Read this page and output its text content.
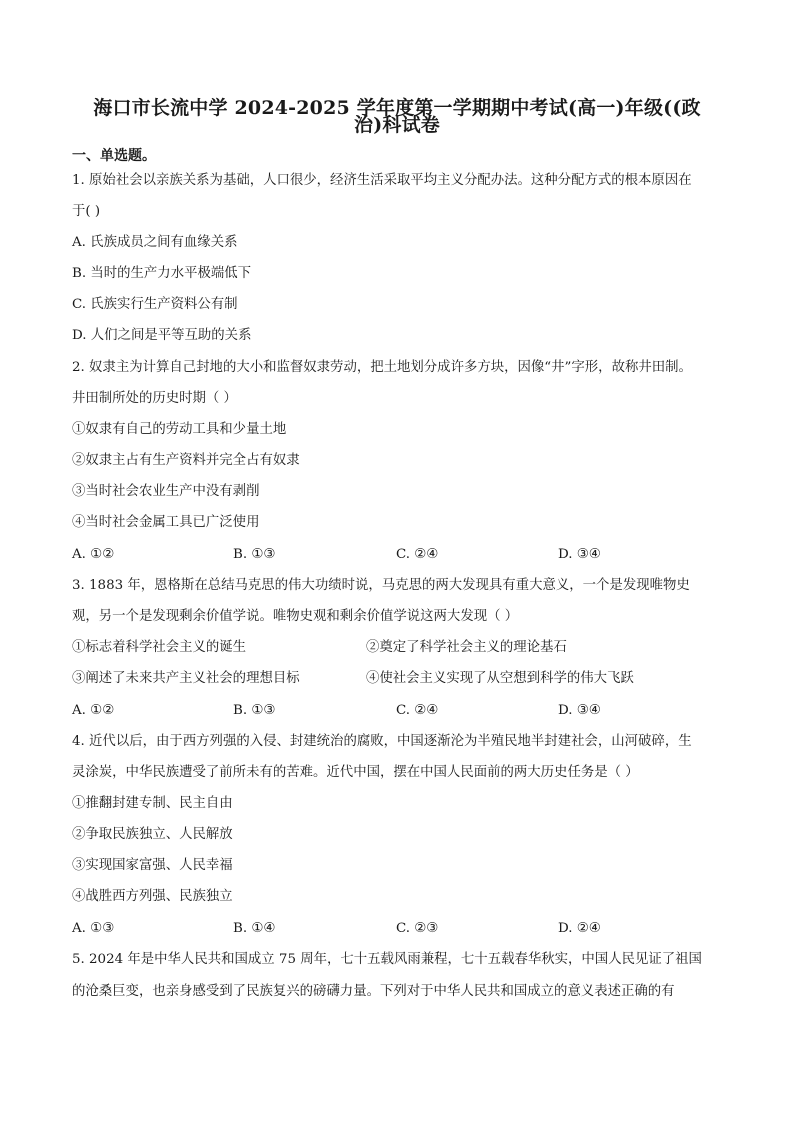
海口市长流中学 2024-2025 学年度第一学期期中考试(高一)年级((政
治)科试卷
一、单选题。
1. 原始社会以亲族关系为基础，人口很少，经济生活采取平均主义分配办法。这种分配方式的根本原因在
于( )
A. 氏族成员之间有血缘关系
B. 当时的生产力水平极端低下
C. 氏族实行生产资料公有制
D. 人们之间是平等互助的关系
2. 奴隶主为计算自己封地的大小和监督奴隶劳动，把土地划分成许多方块，因像“井”字形，故称井田制。
井田制所处的历史时期（ ）
①奴隶有自己的劳动工具和少量土地
②奴隶主占有生产资料并完全占有奴隶
③当时社会农业生产中没有剥削
④当时社会金属工具已广泛使用
A. ①②	B. ①③	C. ②④	D. ③④
3. 1883 年，恩格斯在总结马克思的伟大功绩时说，马克思的两大发现具有重大意义，一个是发现唯物史
观，另一个是发现剩余价值学说。唯物史观和剩余价值学说这两大发现（ ）
①标志着科学社会主义的诞生	②奠定了科学社会主义的理论基石
③阐述了未来共产主义社会的理想目标	④使社会主义实现了从空想到科学的伟大飞跃
A. ①②	B. ①③	C. ②④	D. ③④
4. 近代以后，由于西方列强的入侵、封建统治的腐败，中国逐渐沦为半殖民地半封建社会，山河破碎，生
灵涂炭，中华民族遭受了前所未有的苦难。近代中国，摆在中国人民面前的两大历史任务是（ ）
①推翻封建专制、民主自由
②争取民族独立、人民解放
③实现国家富强、人民幸福
④战胜西方列强、民族独立
A. ①③	B. ①④	C. ②③	D. ②④
5. 2024 年是中华人民共和国成立 75 周年，七十五载风雨兼程，七十五载春华秋实，中国人民见证了祖国
的沧桑巨变，也亲身感受到了民族复兴的磅礴力量。下列对于中华人民共和国成立的意义表述正确的有
